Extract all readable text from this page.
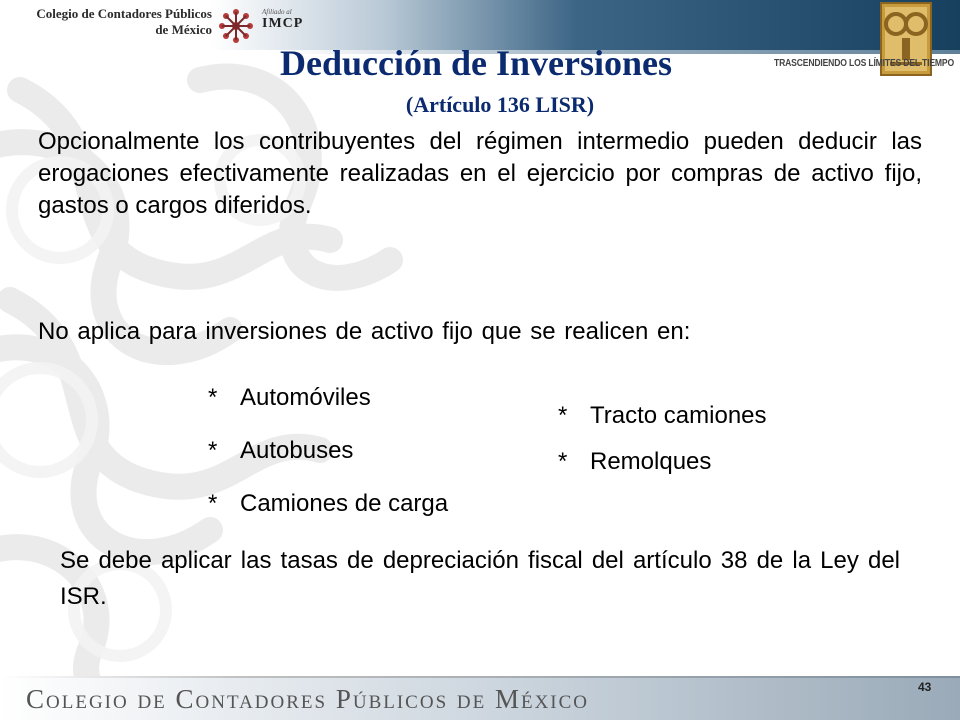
Colegio de Contadores Públicos
de México
Afiliado al
IMCP
TRASCENDIENDO LOS LÍMITES DEL TIEMPO
Deducción de Inversiones
(Artículo 136 LISR)
Opcionalmente los contribuyentes del régimen intermedio pueden deducir las erogaciones efectivamente realizadas en el ejercicio por compras de activo fijo, gastos o cargos diferidos.
No aplica para inversiones de activo fijo que se realicen en:
* Automóviles
* Autobuses
* Camiones de carga
* Tracto camiones
* Remolques
Se debe aplicar las tasas de depreciación fiscal del artículo 38 de la Ley del ISR.
Colegio de Contadores Públicos de México	43
